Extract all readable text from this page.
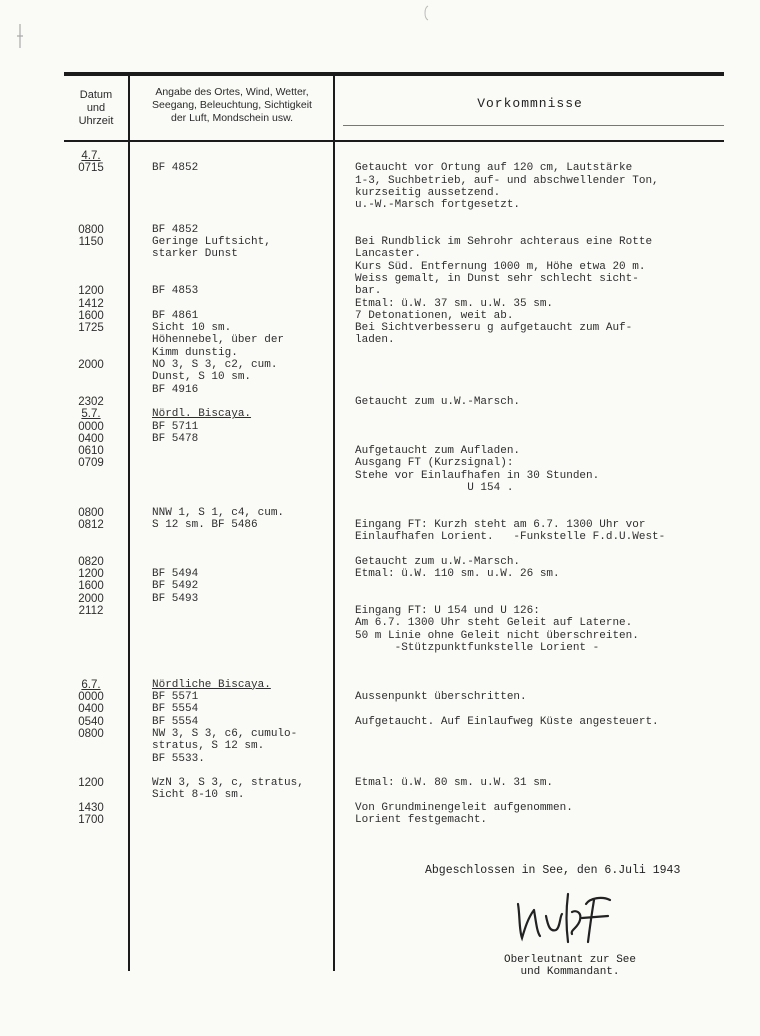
Datum
und
Uhrzeit
Angabe des Ortes, Wind, Wetter,
Seegang, Beleuchtung, Sichtigkeit
der Luft, Mondschein usw.
Vorkommnisse
4.7.
0715
0800
1150
1200
1412
1600
1725
2000
2302
5.7.
0000
0400
0610
0709
0800
0812
0820
1200
1600
2000
2112
6.7.
0000
0400
0540
0800
1200
1430
1700
BF 4852
BF 4852
Geringe Luftsicht,
starker Dunst
BF 4853
BF 4861
Sicht 10 sm.
Höhennebel, über der
Kimm dunstig.
NO 3, S 3, c2, cum.
Dunst, S 10 sm.
BF 4916
Nördl. Biscaya.
BF 5711
BF 5478
NNW 1, S 1, c4, cum.
S 12 sm. BF 5486
BF 5494
BF 5492
BF 5493
Nördliche Biscaya.
BF 5571
BF 5554
BF 5554
NW 3, S 3, c6, cumulo-
stratus, S 12 sm.
BF 5533.
WzN 3, S 3, c, stratus,
Sicht 8-10 sm.
Getaucht vor Ortung auf 120 cm, Lautstärke
1-3, Suchbetrieb, auf- und abschwellender Ton,
kurzseitig aussetzend.
u.-W.-Marsch fortgesetzt.
Bei Rundblick im Sehrohr achteraus eine Rotte
Lancaster.
Kurs Süd. Entfernung 1000 m, Höhe etwa 20 m.
Weiss gemalt, in Dunst sehr schlecht sicht-
bar.
Etmal: ü.W. 37 sm. u.W. 35 sm.
7 Detonationen, weit ab.
Bei Sichtverbesseru g aufgetaucht zum Auf-
laden.
Getaucht zum u.W.-Marsch.
Aufgetaucht zum Aufladen.
Ausgang FT (Kurzsignal):
Stehe vor Einlaufhafen in 30 Stunden.
U 154 .
Eingang FT: Kurzh steht am 6.7. 1300 Uhr vor
Einlaufhafen Lorient.   -Funkstelle F.d.U.West-
Getaucht zum u.W.-Marsch.
Etmal: ü.W. 110 sm. u.W. 26 sm.
Eingang FT: U 154 und U 126:
Am 6.7. 1300 Uhr steht Geleit auf Laterne.
50 m Linie ohne Geleit nicht überschreiten.
-Stützpunktfunkstelle Lorient -
Aussenpunkt überschritten.
Aufgetaucht. Auf Einlaufweg Küste angesteuert.
Etmal: ü.W. 80 sm. u.W. 31 sm.
Von Grundminengeleit aufgenommen.
Lorient festgemacht.
Abgeschlossen in See, den 6.Juli 1943
Oberleutnant zur See
und Kommandant.
